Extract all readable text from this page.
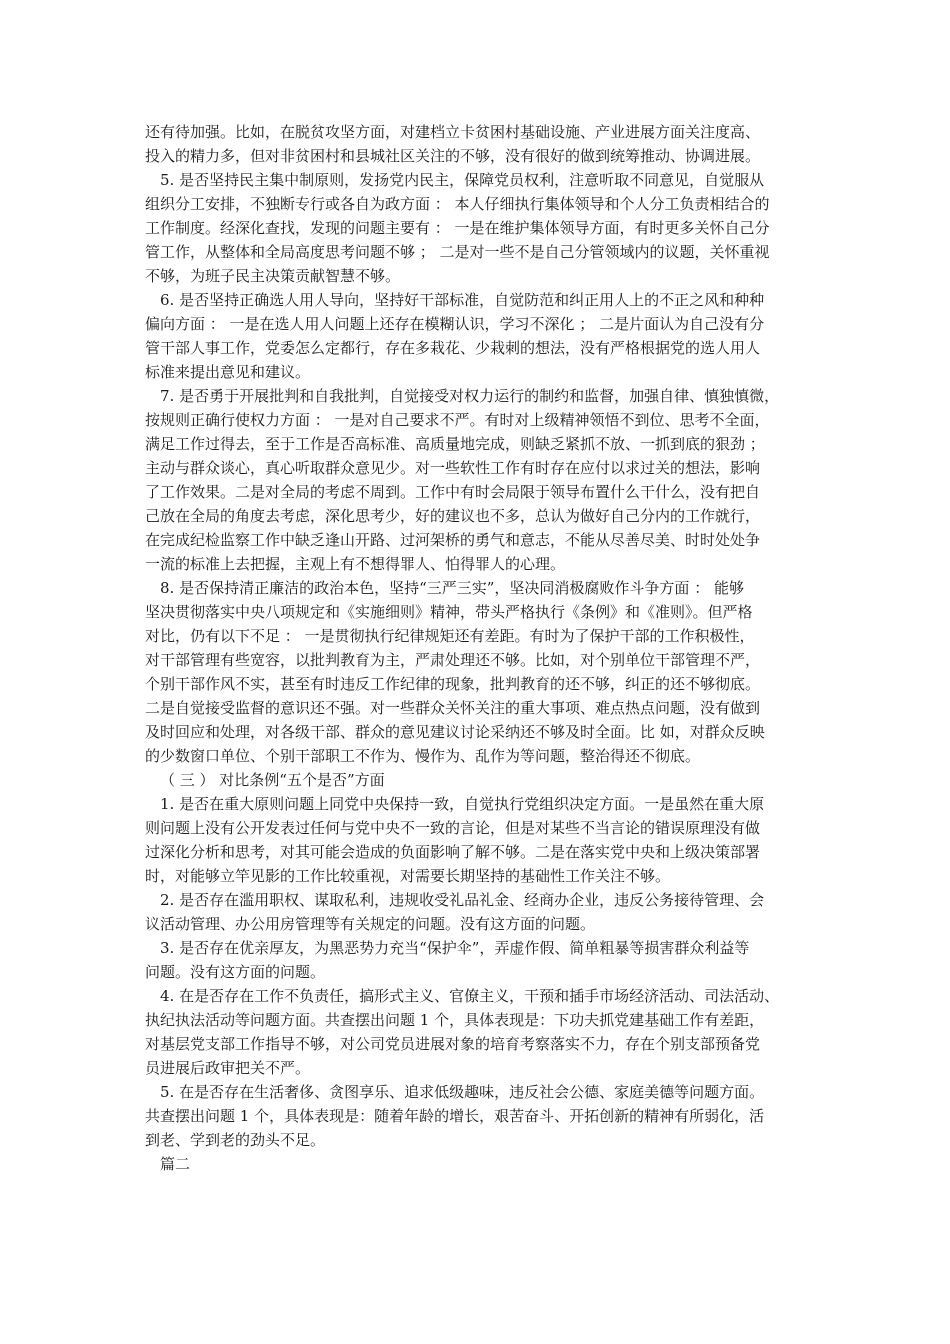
还有待加强。比如，在脱贫攻坚方面，对建档立卡贫困村基础设施、产业进展方面关注度高、
投入的精力多，但对非贫困村和县城社区关注的不够，没有很好的做到统筹推动、协调进展。
5. 是否坚持民主集中制原则，发扬党内民主，保障党员权利，注意听取不同意见，自觉服从
组织分工安排，不独断专行或各自为政方面 ： 本人仔细执行集体领导和个人分工负责相结合的
工作制度。经深化查找，发现的问题主要有 ： 一是在维护集体领导方面，有时更多关怀自己分
管工作，从整体和全局高度思考问题不够 ； 二是对一些不是自己分管领域内的议题，关怀重视
不够，为班子民主决策贡献智慧不够。
6. 是否坚持正确选人用人导向，坚持好干部标准，自觉防范和纠正用人上的不正之风和种种
偏向方面 ： 一是在选人用人问题上还存在模糊认识，学习不深化 ； 二是片面认为自己没有分
管干部人事工作，党委怎么定都行，存在多栽花、少栽刺的想法，没有严格根据党的选人用人
标准来提出意见和建议。
7. 是否勇于开展批判和自我批判，自觉接受对权力运行的制约和监督，加强自律、慎独慎微，
按规则正确行使权力方面 ： 一是对自己要求不严。有时对上级精神领悟不到位、思考不全面，
满足工作过得去，至于工作是否高标准、高质量地完成，则缺乏紧抓不放、一抓到底的狠劲 ；
主动与群众谈心，真心听取群众意见少。对一些软性工作有时存在应付以求过关的想法，影响
了工作效果。二是对全局的考虑不周到。工作中有时会局限于领导布置什么干什么，没有把自
己放在全局的角度去考虑，深化思考少，好的建议也不多，总认为做好自己分内的工作就行，
在完成纪检监察工作中缺乏逢山开路、过河架桥的勇气和意志，不能从尽善尽美、时时处处争
一流的标准上去把握，主观上有不想得罪人、怕得罪人的心理。
8. 是否保持清正廉洁的政治本色，坚持“三严三实”，坚决同消极腐败作斗争方面 ： 能够
坚决贯彻落实中央八项规定和《实施细则》精神，带头严格执行《条例》和《准则》。但严格
对比，仍有以下不足 ： 一是贯彻执行纪律规矩还有差距。有时为了保护干部的工作积极性，
对干部管理有些宽容，以批判教育为主，严肃处理还不够。比如，对个别单位干部管理不严，
个别干部作风不实，甚至有时违反工作纪律的现象，批判教育的还不够，纠正的还不够彻底。
二是自觉接受监督的意识还不强。对一些群众关怀关注的重大事项、难点热点问题，没有做到
及时回应和处理，对各级干部、群众的意见建议讨论采纳还不够及时全面。比 如，对群众反映
的少数窗口单位、个别干部职工不作为、慢作为、乱作为等问题，整治得还不彻底。
（ 三 ） 对比条例“五个是否”方面
1. 是否在重大原则问题上同党中央保持一致，自觉执行党组织决定方面。一是虽然在重大原
则问题上没有公开发表过任何与党中央不一致的言论，但是对某些不当言论的错误原理没有做
过深化分析和思考，对其可能会造成的负面影响了解不够。二是在落实党中央和上级决策部署
时，对能够立竿见影的工作比较重视，对需要长期坚持的基础性工作关注不够。
2. 是否存在滥用职权、谋取私利，违规收受礼品礼金、经商办企业，违反公务接待管理、会
议活动管理、办公用房管理等有关规定的问题。没有这方面的问题。
3. 是否存在优亲厚友，为黑恶势力充当“保护伞”，弄虚作假、简单粗暴等损害群众利益等
问题。没有这方面的问题。
4. 在是否存在工作不负责任，搞形式主义、官僚主义，干预和插手市场经济活动、司法活动、
执纪执法活动等问题方面。共查摆出问题 1 个，具体表现是：下功夫抓党建基础工作有差距，
对基层党支部工作指导不够，对公司党员进展对象的培育考察落实不力，存在个别支部预备党
员进展后政审把关不严。
5. 在是否存在生活奢侈、贪图享乐、追求低级趣味，违反社会公德、家庭美德等问题方面。
共查摆出问题 1 个，具体表现是：随着年龄的增长，艰苦奋斗、开拓创新的精神有所弱化，活
到老、学到老的劲头不足。
篇二
